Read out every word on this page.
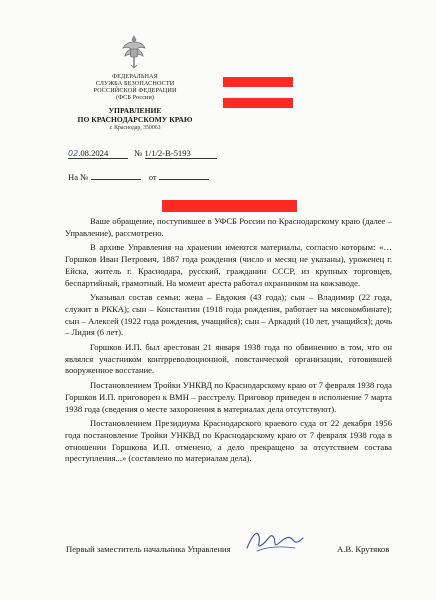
ФЕДЕРАЛЬНАЯ
СЛУЖБА БЕЗОПАСНОСТИ
РОССИЙСКОЙ ФЕДЕРАЦИИ
(ФСБ России)
УПРАВЛЕНИЕ
ПО КРАСНОДАРСКОМУ КРАЮ
г. Краснодар, 350063
02.08.2024	№ 1/1/2-В-5193
На №	от

Ваше обращение, поступившее в УФСБ России по Краснодарскому краю (далее – Управление), рассмотрено.

В архиве Управления на хранении имеются материалы, согласно которым: «…Горшков Иван Петрович, 1887 года рождения (число и месяц не указаны), уроженец г. Ейска, житель г. Краснодара, русский, гражданин СССР, из крупных торговцев, беспартийный, грамотный. На момент ареста работал охранником на кожзаводе.

Указывал состав семьи: жена – Евдокия (43 года); сын – Владимир (22 года, служит в РККА); сын – Константин (1918 года рождения, работает на мясокомбинате); сын – Алексей (1922 года рождения, учащийся); сын – Аркадий (10 лет, учащийся); дочь – Лидия (6 лет).

Горшков И.П. был арестован 21 января 1938 года по обвинению в том, что он являлся участником контрреволюционной, повстанческой организации, готовившей вооруженное восстание.

Постановлением Тройки УНКВД по Краснодарскому краю от 7 февраля 1938 года Горшков И.П. приговорен к ВМН – расстрелу. Приговор приведен в исполнение 7 марта 1938 года (сведения о месте захоронения в материалах дела отсутствуют).

Постановлением Президиума Краснодарского краевого суда от 22 декабря 1956 года постановление Тройки УНКВД по Краснодарскому краю от 7 февраля 1938 года в отношении Горшкова И.П. отменено, а дело прекращено за отсутствием состава преступления...» (составлено по материалам дела).

Первый заместитель начальника Управления	А.В. Крутяков
